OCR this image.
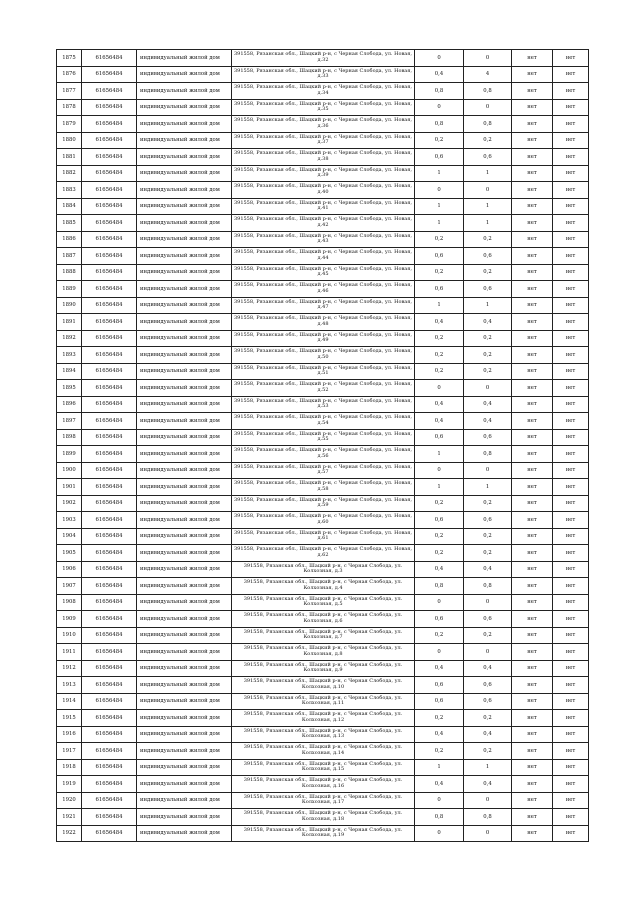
1875	61656484	индивидуальный жилой дом	391558, Рязанская обл., Шацкий р-н, с Черная Слобода, ул. Новая, д.32	0	0	нет	нет
1876	61656484	индивидуальный жилой дом	391558, Рязанская обл., Шацкий р-н, с Черная Слобода, ул. Новая, д.33	0,4	4	нет	нет
1877	61656484	индивидуальный жилой дом	391558, Рязанская обл., Шацкий р-н, с Черная Слобода, ул. Новая, д.34	0,8	0,8	нет	нет
1878	61656484	индивидуальный жилой дом	391558, Рязанская обл., Шацкий р-н, с Черная Слобода, ул. Новая, д.35	0	0	нет	нет
1879	61656484	индивидуальный жилой дом	391558, Рязанская обл., Шацкий р-н, с Черная Слобода, ул. Новая, д.36	0,8	0,8	нет	нет
1880	61656484	индивидуальный жилой дом	391558, Рязанская обл., Шацкий р-н, с Черная Слобода, ул. Новая, д.37	0,2	0,2	нет	нет
1881	61656484	индивидуальный жилой дом	391558, Рязанская обл., Шацкий р-н, с Черная Слобода, ул. Новая, д.38	0,6	0,6	нет	нет
1882	61656484	индивидуальный жилой дом	391558, Рязанская обл., Шацкий р-н, с Черная Слобода, ул. Новая, д.39	1	1	нет	нет
1883	61656484	индивидуальный жилой дом	391558, Рязанская обл., Шацкий р-н, с Черная Слобода, ул. Новая, д.40	0	0	нет	нет
1884	61656484	индивидуальный жилой дом	391558, Рязанская обл., Шацкий р-н, с Черная Слобода, ул. Новая, д.41	1	1	нет	нет
1885	61656484	индивидуальный жилой дом	391558, Рязанская обл., Шацкий р-н, с Черная Слобода, ул. Новая, д.42	1	1	нет	нет
1886	61656484	индивидуальный жилой дом	391558, Рязанская обл., Шацкий р-н, с Черная Слобода, ул. Новая, д.43	0,2	0,2	нет	нет
1887	61656484	индивидуальный жилой дом	391558, Рязанская обл., Шацкий р-н, с Черная Слобода, ул. Новая, д.44	0,6	0,6	нет	нет
1888	61656484	индивидуальный жилой дом	391558, Рязанская обл., Шацкий р-н, с Черная Слобода, ул. Новая, д.45	0,2	0,2	нет	нет
1889	61656484	индивидуальный жилой дом	391558, Рязанская обл., Шацкий р-н, с Черная Слобода, ул. Новая, д.46	0,6	0,6	нет	нет
1890	61656484	индивидуальный жилой дом	391558, Рязанская обл., Шацкий р-н, с Черная Слобода, ул. Новая, д.47	1	1	нет	нет
1891	61656484	индивидуальный жилой дом	391558, Рязанская обл., Шацкий р-н, с Черная Слобода, ул. Новая, д.48	0,4	0,4	нет	нет
1892	61656484	индивидуальный жилой дом	391558, Рязанская обл., Шацкий р-н, с Черная Слобода, ул. Новая, д.49	0,2	0,2	нет	нет
1893	61656484	индивидуальный жилой дом	391558, Рязанская обл., Шацкий р-н, с Черная Слобода, ул. Новая, д.50	0,2	0,2	нет	нет
1894	61656484	индивидуальный жилой дом	391558, Рязанская обл., Шацкий р-н, с Черная Слобода, ул. Новая, д.51	0,2	0,2	нет	нет
1895	61656484	индивидуальный жилой дом	391558, Рязанская обл., Шацкий р-н, с Черная Слобода, ул. Новая, д.52	0	0	нет	нет
1896	61656484	индивидуальный жилой дом	391558, Рязанская обл., Шацкий р-н, с Черная Слобода, ул. Новая, д.53	0,4	0,4	нет	нет
1897	61656484	индивидуальный жилой дом	391558, Рязанская обл., Шацкий р-н, с Черная Слобода, ул. Новая, д.54	0,4	0,4	нет	нет
1898	61656484	индивидуальный жилой дом	391558, Рязанская обл., Шацкий р-н, с Черная Слобода, ул. Новая, д.55	0,6	0,6	нет	нет
1899	61656484	индивидуальный жилой дом	391558, Рязанская обл., Шацкий р-н, с Черная Слобода, ул. Новая, д.56	1	0,8	нет	нет
1900	61656484	индивидуальный жилой дом	391558, Рязанская обл., Шацкий р-н, с Черная Слобода, ул. Новая, д.57	0	0	нет	нет
1901	61656484	индивидуальный жилой дом	391558, Рязанская обл., Шацкий р-н, с Черная Слобода, ул. Новая, д.58	1	1	нет	нет
1902	61656484	индивидуальный жилой дом	391558, Рязанская обл., Шацкий р-н, с Черная Слобода, ул. Новая, д.59	0,2	0,2	нет	нет
1903	61656484	индивидуальный жилой дом	391558, Рязанская обл., Шацкий р-н, с Черная Слобода, ул. Новая, д.60	0,6	0,6	нет	нет
1904	61656484	индивидуальный жилой дом	391558, Рязанская обл., Шацкий р-н, с Черная Слобода, ул. Новая, д.61	0,2	0,2	нет	нет
1905	61656484	индивидуальный жилой дом	391558, Рязанская обл., Шацкий р-н, с Черная Слобода, ул. Новая, д.62	0,2	0,2	нет	нет
1906	61656484	индивидуальный жилой дом	391558, Рязанская обл., Шацкий р-н, с Черная Слобода, ул. Колхозная, д.3	0,4	0,4	нет	нет
1907	61656484	индивидуальный жилой дом	391558, Рязанская обл., Шацкий р-н, с Черная Слобода, ул. Колхозная, д.4	0,8	0,8	нет	нет
1908	61656484	индивидуальный жилой дом	391558, Рязанская обл., Шацкий р-н, с Черная Слобода, ул. Колхозная, д.5	0	0	нет	нет
1909	61656484	индивидуальный жилой дом	391558, Рязанская обл., Шацкий р-н, с Черная Слобода, ул. Колхозная, д.6	0,6	0,6	нет	нет
1910	61656484	индивидуальный жилой дом	391558, Рязанская обл., Шацкий р-н, с Черная Слобода, ул. Колхозная, д.7	0,2	0,2	нет	нет
1911	61656484	индивидуальный жилой дом	391558, Рязанская обл., Шацкий р-н, с Черная Слобода, ул. Колхозная, д.8	0	0	нет	нет
1912	61656484	индивидуальный жилой дом	391558, Рязанская обл., Шацкий р-н, с Черная Слобода, ул. Колхозная, д.9	0,4	0,4	нет	нет
1913	61656484	индивидуальный жилой дом	391558, Рязанская обл., Шацкий р-н, с Черная Слобода, ул. Колхозная, д.10	0,6	0,6	нет	нет
1914	61656484	индивидуальный жилой дом	391558, Рязанская обл., Шацкий р-н, с Черная Слобода, ул. Колхозная, д.11	0,6	0,6	нет	нет
1915	61656484	индивидуальный жилой дом	391558, Рязанская обл., Шацкий р-н, с Черная Слобода, ул. Колхозная, д.12	0,2	0,2	нет	нет
1916	61656484	индивидуальный жилой дом	391558, Рязанская обл., Шацкий р-н, с Черная Слобода, ул. Колхозная, д.13	0,4	0,4	нет	нет
1917	61656484	индивидуальный жилой дом	391558, Рязанская обл., Шацкий р-н, с Черная Слобода, ул. Колхозная, д.14	0,2	0,2	нет	нет
1918	61656484	индивидуальный жилой дом	391558, Рязанская обл., Шацкий р-н, с Черная Слобода, ул. Колхозная, д.15	1	1	нет	нет
1919	61656484	индивидуальный жилой дом	391558, Рязанская обл., Шацкий р-н, с Черная Слобода, ул. Колхозная, д.16	0,4	0,4	нет	нет
1920	61656484	индивидуальный жилой дом	391558, Рязанская обл., Шацкий р-н, с Черная Слобода, ул. Колхозная, д.17	0	0	нет	нет
1921	61656484	индивидуальный жилой дом	391558, Рязанская обл., Шацкий р-н, с Черная Слобода, ул. Колхозная, д.18	0,8	0,8	нет	нет
1922	61656484	индивидуальный жилой дом	391558, Рязанская обл., Шацкий р-н, с Черная Слобода, ул. Колхозная, д.19	0	0	нет	нет
